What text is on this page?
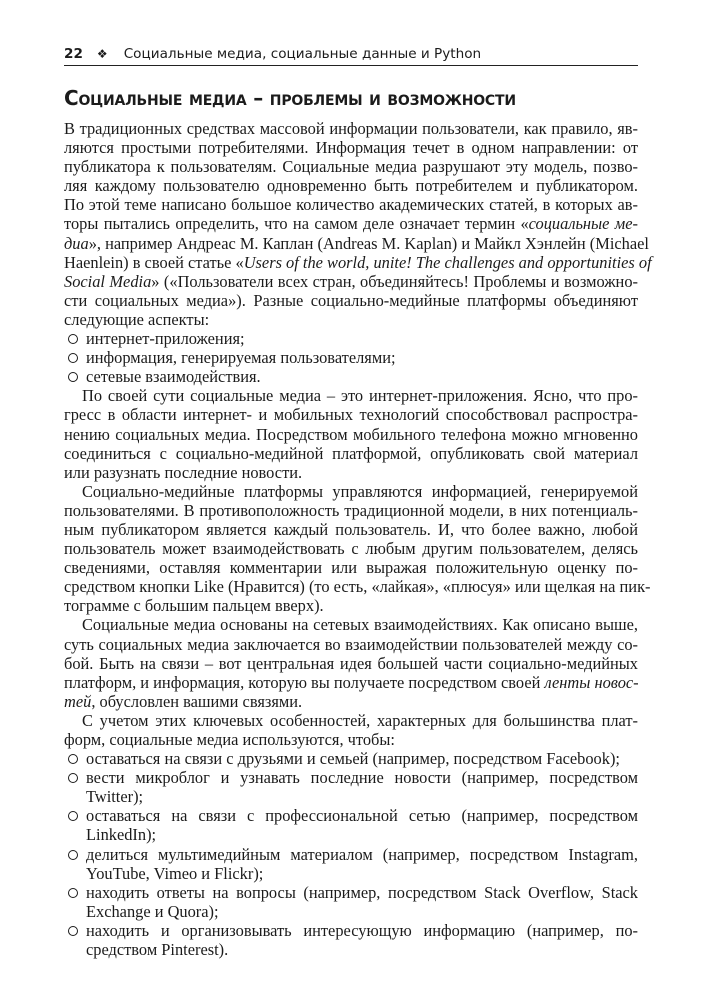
22 ❖ Социальные медиа, социальные данные и Python
Социальные медиа – проблемы и возможности
В традиционных средствах массовой информации пользователи, как правило, яв-
ляются простыми потребителями. Информация течет в одном направлении: от
публикатора к пользователям. Социальные медиа разрушают эту модель, позво-
ляя каждому пользователю одновременно быть потребителем и публикатором.
По этой теме написано большое количество академических статей, в которых ав-
торы пытались определить, что на самом деле означает термин «социальные ме-
диа», например Андреас М. Каплан (Andreas M. Kaplan) и Майкл Хэнлейн (Michael
Haenlein) в своей статье «Users of the world, unite! The challenges and opportunities of
Social Media» («Пользователи всех стран, объединяйтесь! Проблемы и возможно-
сти социальных медиа»). Разные социально-медийные платформы объединяют
следующие аспекты:
интернет-приложения;
информация, генерируемая пользователями;
сетевые взаимодействия.
По своей сути социальные медиа – это интернет-приложения. Ясно, что про-
гресс в области интернет- и мобильных технологий способствовал распростра-
нению социальных медиа. Посредством мобильного телефона можно мгновенно
соединиться с социально-медийной платформой, опубликовать свой материал
или разузнать последние новости.
Социально-медийные платформы управляются информацией, генерируемой
пользователями. В противоположность традиционной модели, в них потенциаль-
ным публикатором является каждый пользователь. И, что более важно, любой
пользователь может взаимодействовать с любым другим пользователем, делясь
сведениями, оставляя комментарии или выражая положительную оценку по-
средством кнопки Like (Нравится) (то есть, «лайкая», «плюсуя» или щелкая на пик-
тограмме с большим пальцем вверх).
Социальные медиа основаны на сетевых взаимодействиях. Как описано выше,
суть социальных медиа заключается во взаимодействии пользователей между со-
бой. Быть на связи – вот центральная идея большей части социально-медийных
платформ, и информация, которую вы получаете посредством своей ленты новос-
тей, обусловлен вашими связями.
С учетом этих ключевых особенностей, характерных для большинства плат-
форм, социальные медиа используются, чтобы:
оставаться на связи с друзьями и семьей (например, посредством Facebook);
вести микроблог и узнавать последние новости (например, посредством
Twitter);
оставаться на связи с профессиональной сетью (например, посредством
LinkedIn);
делиться мультимедийным материалом (например, посредством Instagram,
YouTube, Vimeo и Flickr);
находить ответы на вопросы (например, посредством Stack Overflow, Stack
Exchange и Quora);
находить и организовывать интересующую информацию (например, по-
средством Pinterest).
